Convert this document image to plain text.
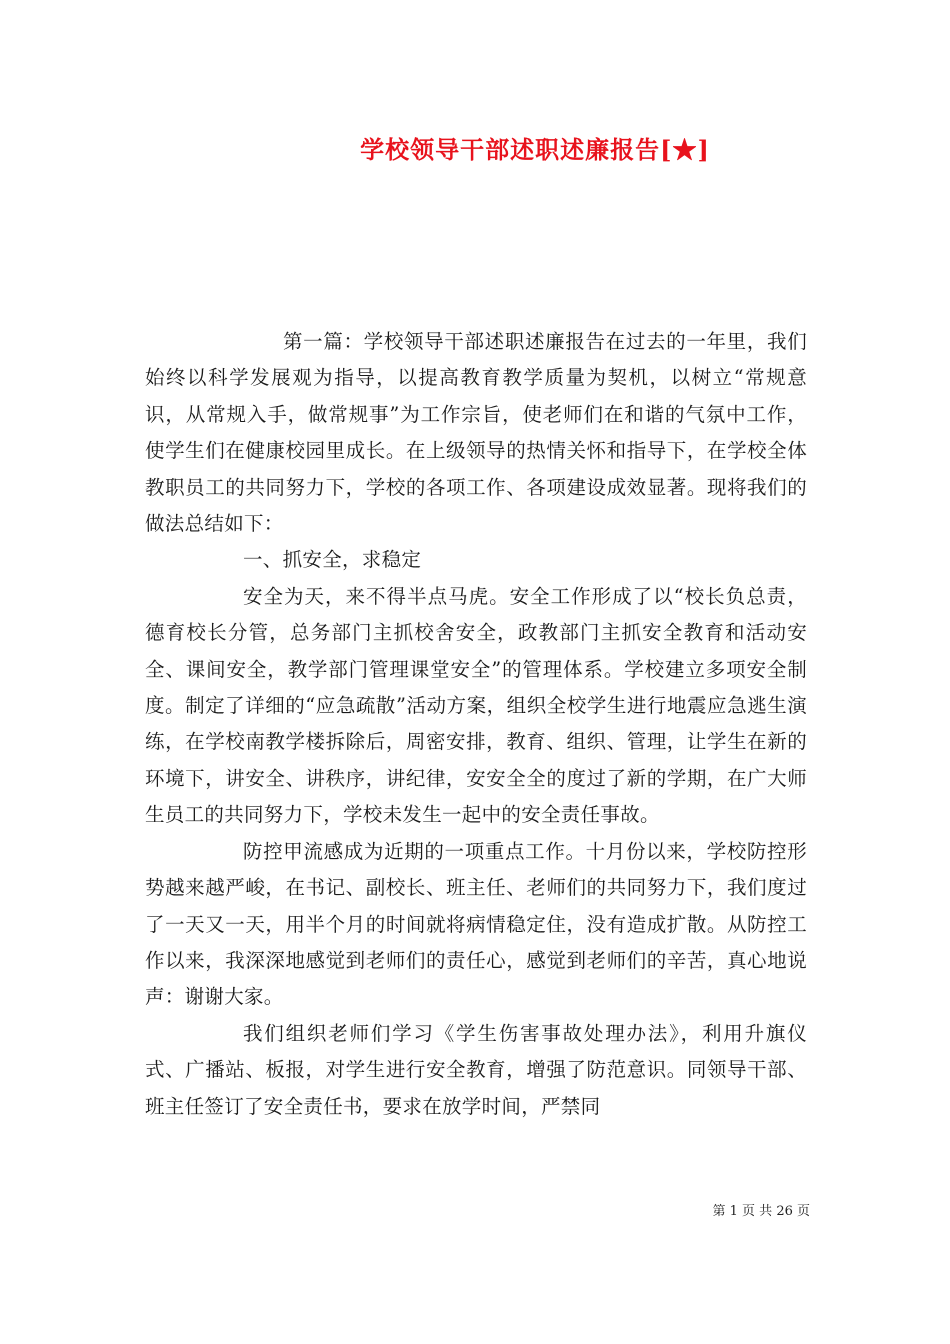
学校领导干部述职述廉报告[★]

第一篇：学校领导干部述职述廉报告在过去的一年里，我们始终以科学发展观为指导，以提高教育教学质量为契机，以树立“常规意识，从常规入手，做常规事”为工作宗旨，使老师们在和谐的气氛中工作，使学生们在健康校园里成长。在上级领导的热情关怀和指导下，在学校全体教职员工的共同努力下，学校的各项工作、各项建设成效显著。现将我们的做法总结如下：

一、抓安全，求稳定

安全为天，来不得半点马虎。安全工作形成了以“校长负总责，德育校长分管，总务部门主抓校舍安全，政教部门主抓安全教育和活动安全、课间安全，教学部门管理课堂安全”的管理体系。学校建立多项安全制度。制定了详细的“应急疏散”活动方案，组织全校学生进行地震应急逃生演练，在学校南教学楼拆除后，周密安排，教育、组织、管理，让学生在新的环境下，讲安全、讲秩序，讲纪律，安安全全的度过了新的学期，在广大师生员工的共同努力下，学校未发生一起中的安全责任事故。

防控甲流感成为近期的一项重点工作。十月份以来，学校防控形势越来越严峻，在书记、副校长、班主任、老师们的共同努力下，我们度过了一天又一天，用半个月的时间就将病情稳定住，没有造成扩散。从防控工作以来，我深深地感觉到老师们的责任心，感觉到老师们的辛苦，真心地说声：谢谢大家。

我们组织老师们学习《学生伤害事故处理办法》，利用升旗仪式、广播站、板报，对学生进行安全教育，增强了防范意识。同领导干部、班主任签订了安全责任书，要求在放学时间，严禁同

第 1 页 共 26 页
